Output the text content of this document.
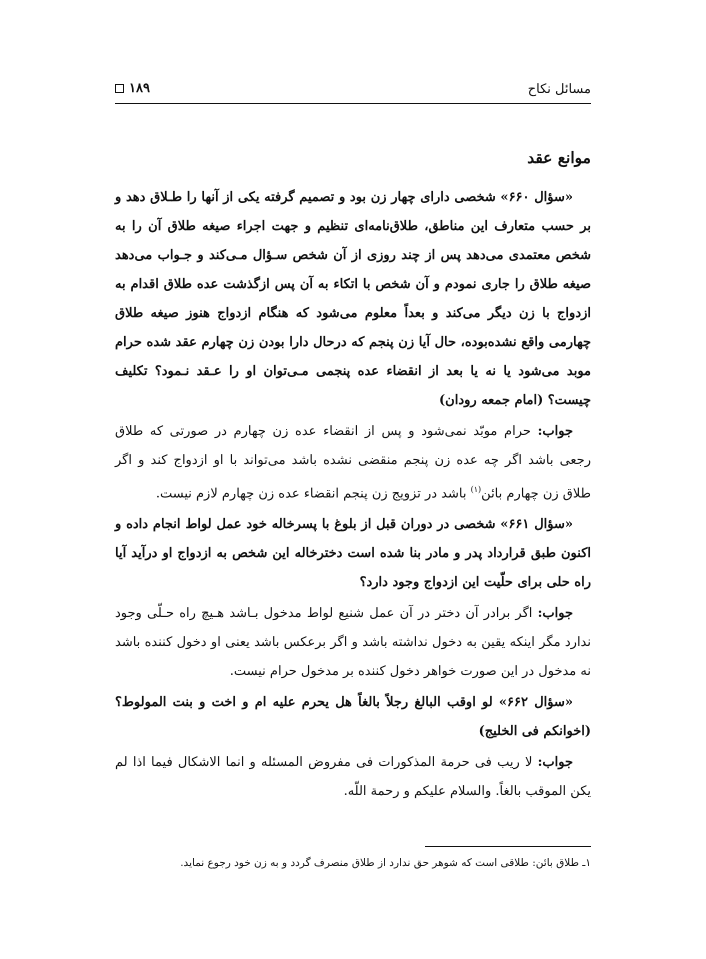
مسائل نکاح
۱۸۹
موانع عقد

«سؤال ۶۶۰» شخصی دارای چهار زن بود و تصمیم گرفته یکی از آنها را طـلاق دهد و بر حسب متعارف این مناطق، طلاق‌نامه‌ای تنظیم و جهت اجراء صیغه طلاق آن را به شخص معتمدی می‌دهد پس از چند روزی از آن شخص سـؤال مـی‌کند و جـواب می‌دهد صیغه طلاق را جاری نمودم و آن شخص با اتکاء به آن پس ازگذشت عده طلاق اقدام به ازدواج با زن دیگر می‌کند و بعداً معلوم می‌شود که هنگام ازدواج هنوز صیغه طلاق چهارمی واقع نشده‌بوده، حال آیا زن پنجم که درحال دارا بودن زن چهارم عقد شده حرام موبد می‌شود یا نه یا بعد از انقضاء عده پنجمی مـی‌توان او را عـقد نـمود؟ تکلیف چیست؟ (امام جمعه رودان)

جواب: حرام موبّد نمی‌شود و پس از انقضاء عده زن چهارم در صورتی که طلاق رجعی باشد اگر چه عده زن پنجم منقضی نشده باشد می‌تواند با او ازدواج کند و اگر طلاق زن چهارم بائن$^{(۱)}$ باشد در تزویج زن پنجم انقضاء عده زن چهارم لازم نیست.

«سؤال ۶۶۱» شخصی در دوران قبل از بلوغ با پسرخاله خود عمل لواط انجام داده و اکنون طبق قرارداد پدر و مادر بنا شده است دخترخاله این شخص به ازدواج او درآید آیا راه حلی برای حلّیت این ازدواج وجود دارد؟

جواب: اگر برادر آن دختر در آن عمل شنیع لواط مدخول بـاشد هـیچ راه حـلّی وجود ندارد مگر اینکه یقین به دخول نداشته باشد و اگر برعکس باشد یعنی او دخول کننده باشد نه مدخول در این صورت خواهر دخول کننده بر مدخول حرام نیست.

«سؤال ۶۶۲» لو اوقب البالغ رجلاً بالغاً هل یحرم علیه ام و اخت و بنت المولوط؟ (اخوانکم فی الخلیج)

جواب: لا ریب فی حرمة المذکورات فی مفروض المسئله و انما الاشکال فیما اذا لم یکن الموقب بالغاً. والسلام علیکم و رحمة اللّه.

۱ـ طلاق بائن: طلاقی است که شوهر حق ندارد از طلاق منصرف گردد و به زن خود رجوع نماید.
